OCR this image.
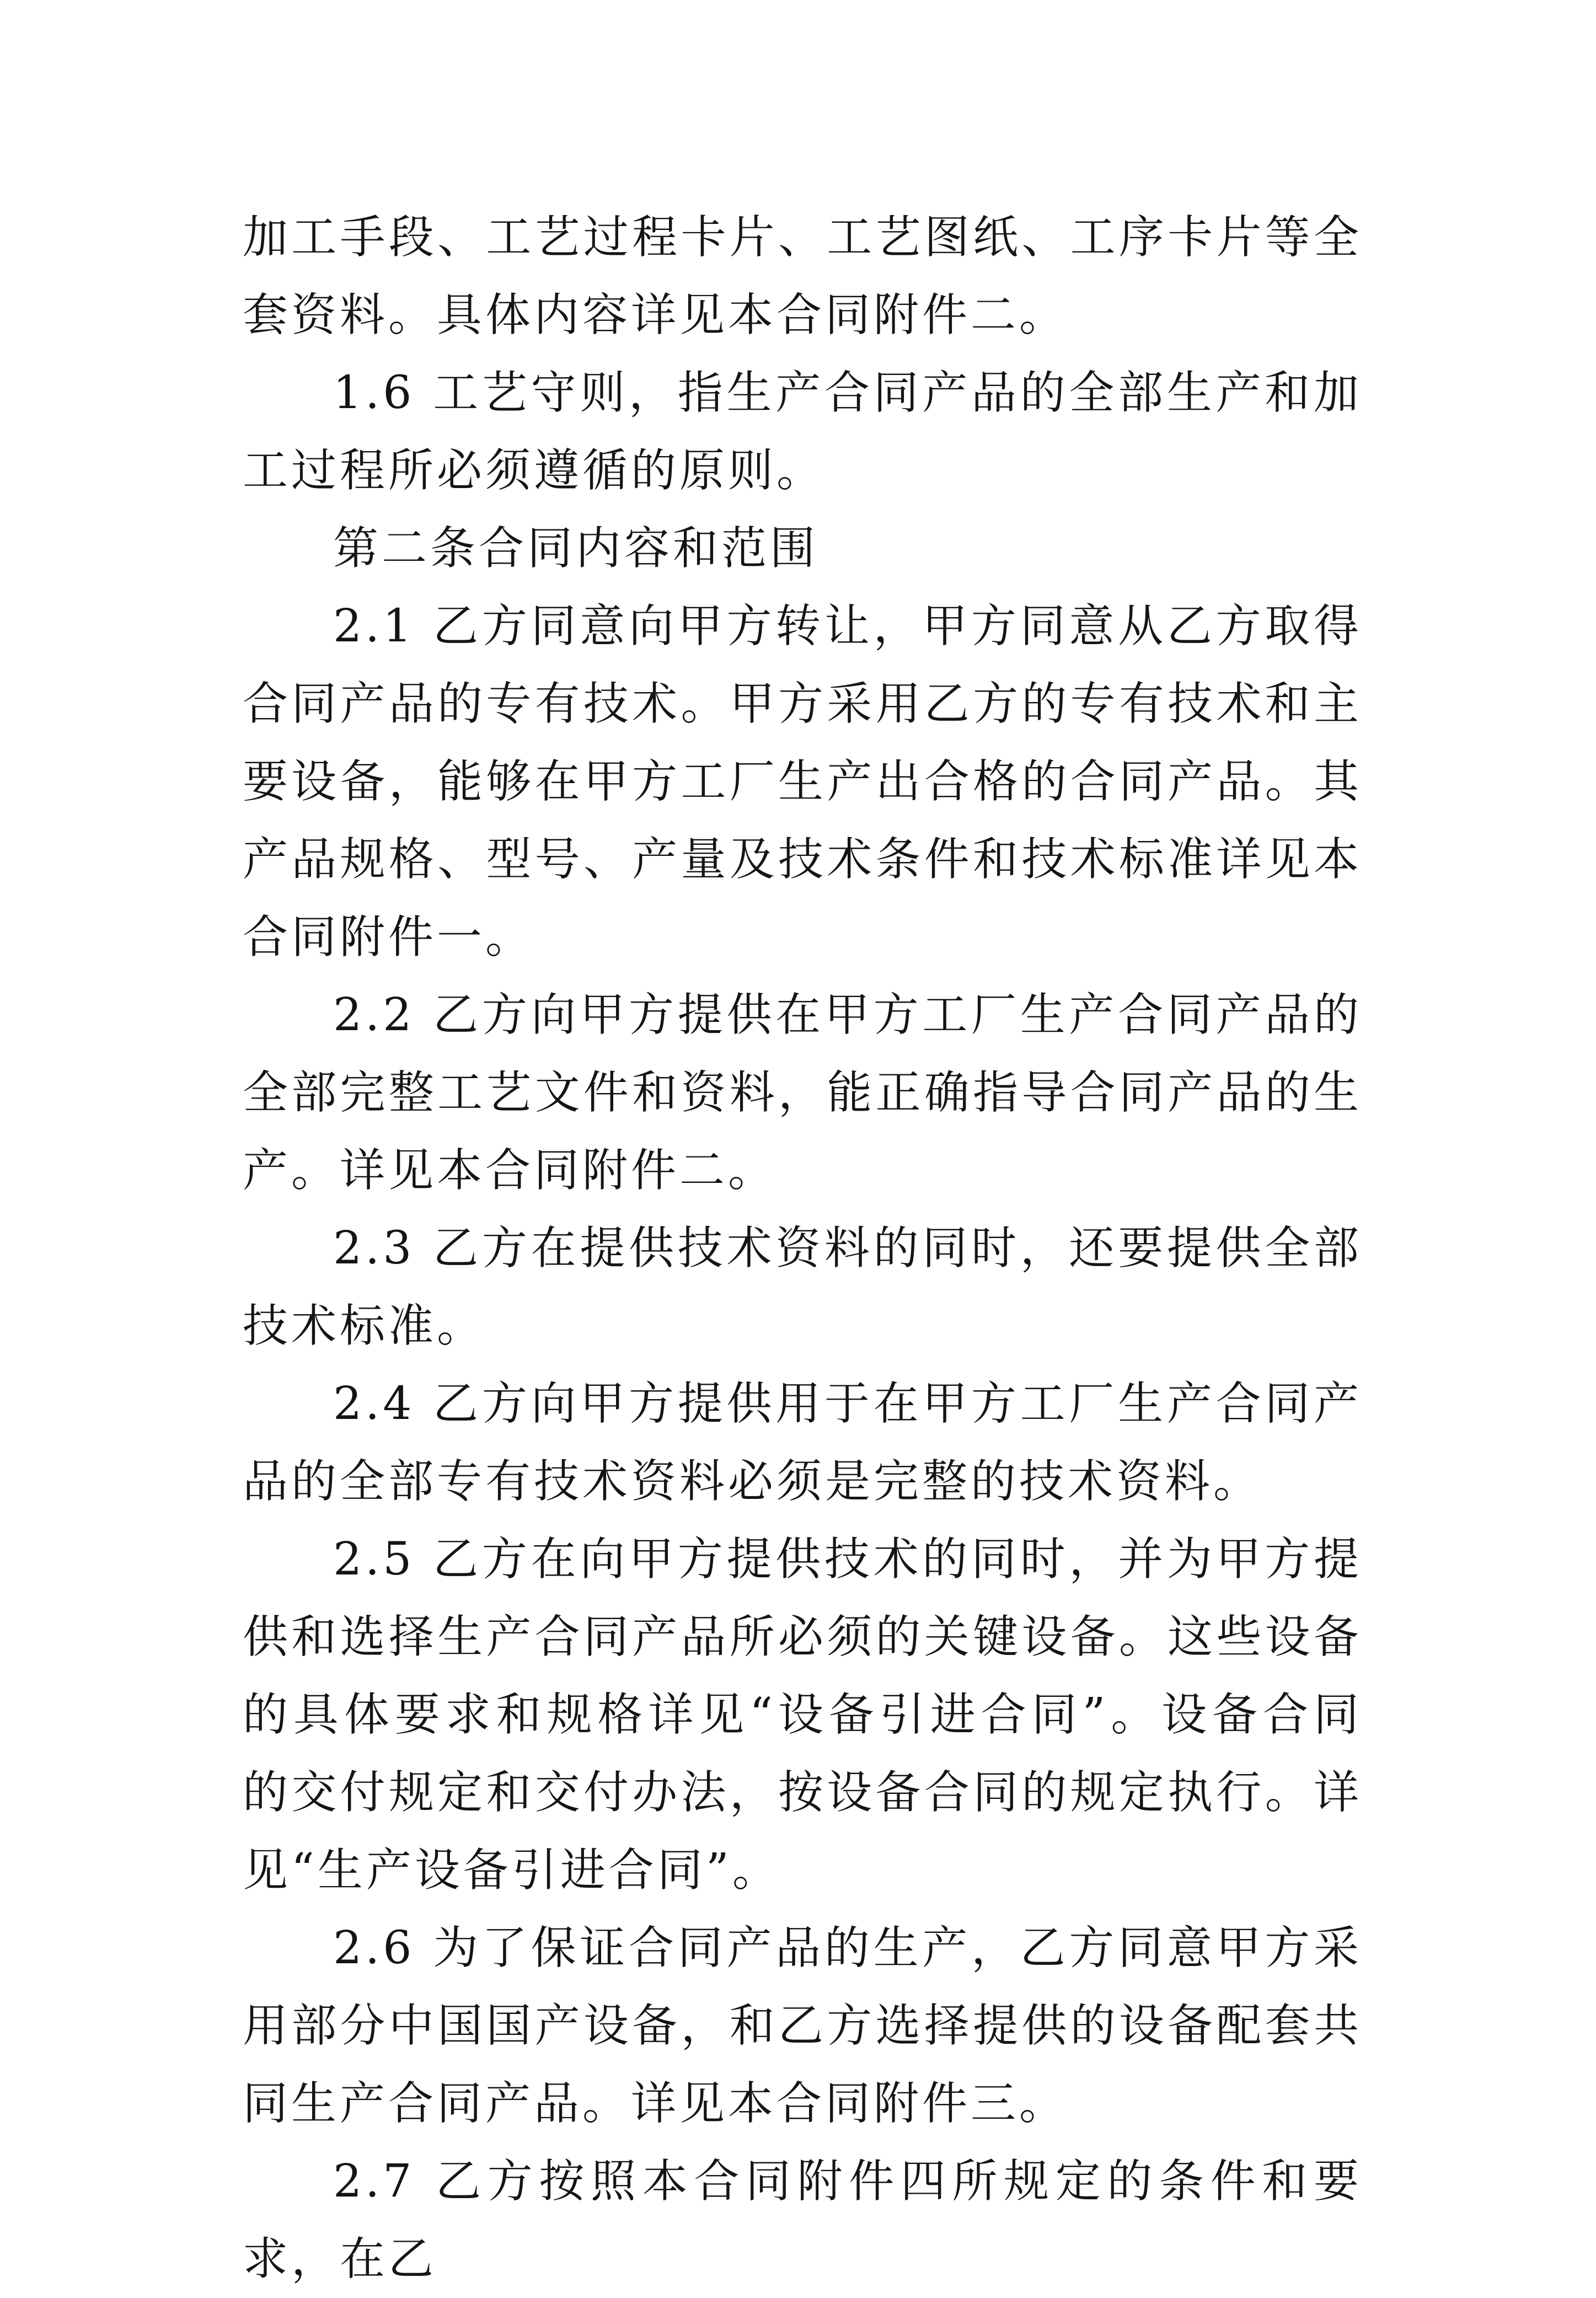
加工手段、工艺过程卡片、工艺图纸、工序卡片等全套资料。具体内容详见本合同附件二。

1.6 工艺守则，指生产合同产品的全部生产和加工过程所必须遵循的原则。

第二条合同内容和范围

2.1 乙方同意向甲方转让，甲方同意从乙方取得合同产品的专有技术。甲方采用乙方的专有技术和主要设备，能够在甲方工厂生产出合格的合同产品。其产品规格、型号、产量及技术条件和技术标准详见本合同附件一。

2.2 乙方向甲方提供在甲方工厂生产合同产品的全部完整工艺文件和资料，能正确指导合同产品的生产。详见本合同附件二。

2.3 乙方在提供技术资料的同时，还要提供全部技术标准。

2.4 乙方向甲方提供用于在甲方工厂生产合同产品的全部专有技术资料必须是完整的技术资料。

2.5 乙方在向甲方提供技术的同时，并为甲方提供和选择生产合同产品所必须的关键设备。这些设备的具体要求和规格详见“设备引进合同”。设备合同的交付规定和交付办法，按设备合同的规定执行。详见“生产设备引进合同”。

2.6 为了保证合同产品的生产，乙方同意甲方采用部分中国国产设备，和乙方选择提供的设备配套共同生产合同产品。详见本合同附件三。

2.7 乙方按照本合同附件四所规定的条件和要求，在乙
